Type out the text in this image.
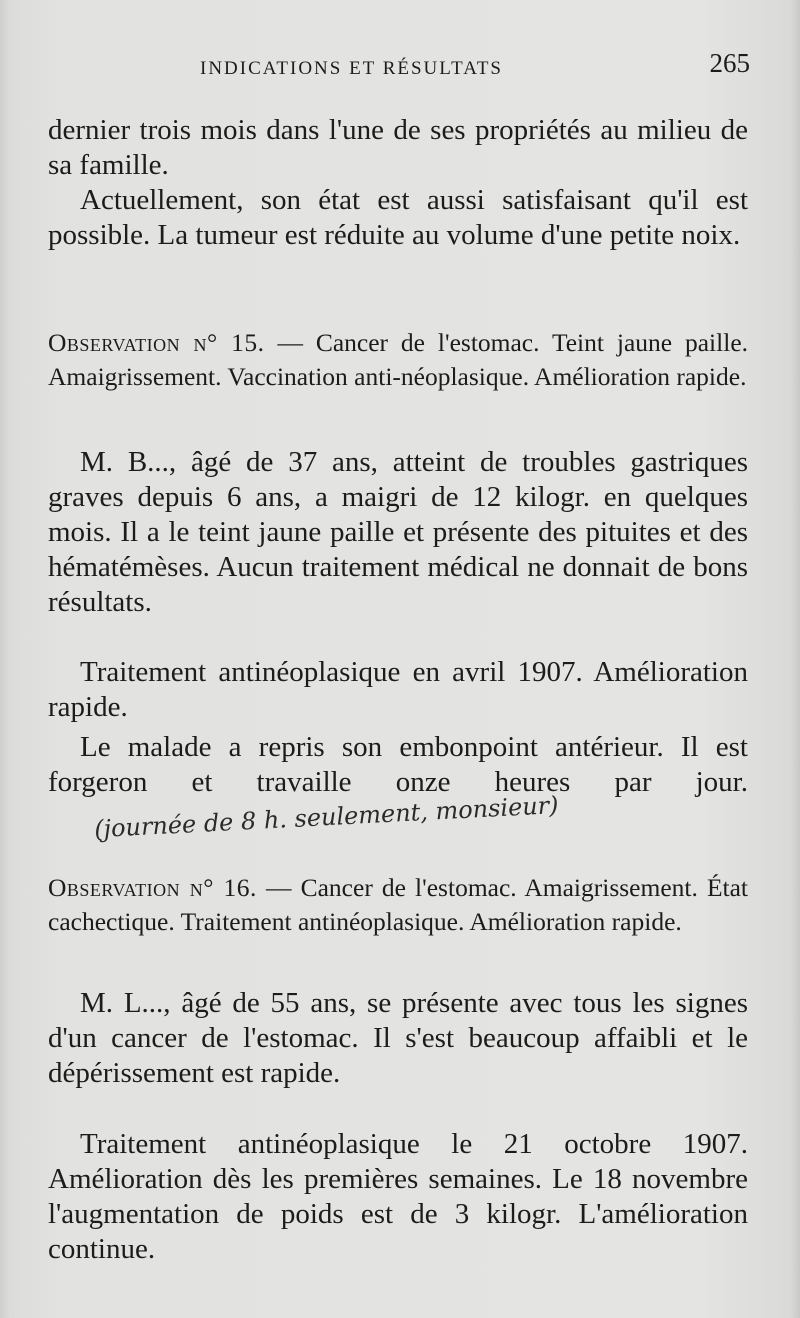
INDICATIONS ET RÉSULTATS	265

dernier trois mois dans l'une de ses propriétés au milieu de sa famille.

Actuellement, son état est aussi satisfaisant qu'il est possible. La tumeur est réduite au volume d'une petite noix.

Observation n° 15. — Cancer de l'estomac. Teint jaune paille. Amaigrissement. Vaccination anti-néoplasique. Amélioration rapide.

M. B..., âgé de 37 ans, atteint de troubles gastriques graves depuis 6 ans, a maigri de 12 kilogr. en quelques mois. Il a le teint jaune paille et présente des pituites et des hématémèses. Aucun traitement médical ne donnait de bons résultats.

Traitement antinéoplasique en avril 1907. Amélioration rapide.

Le malade a repris son embonpoint antérieur. Il est forgeron et travaille onze heures par jour.(journée de 8 h. seulement, monsieur)

Observation n° 16. — Cancer de l'estomac. Amaigrissement. État cachectique. Traitement antinéoplasique. Amélioration rapide.

M. L..., âgé de 55 ans, se présente avec tous les signes d'un cancer de l'estomac. Il s'est beaucoup affaibli et le dépérissement est rapide.

Traitement antinéoplasique le 21 octobre 1907. Amélioration dès les premières semaines. Le 18 novembre l'augmentation de poids est de 3 kilogr. L'amélioration continue.
